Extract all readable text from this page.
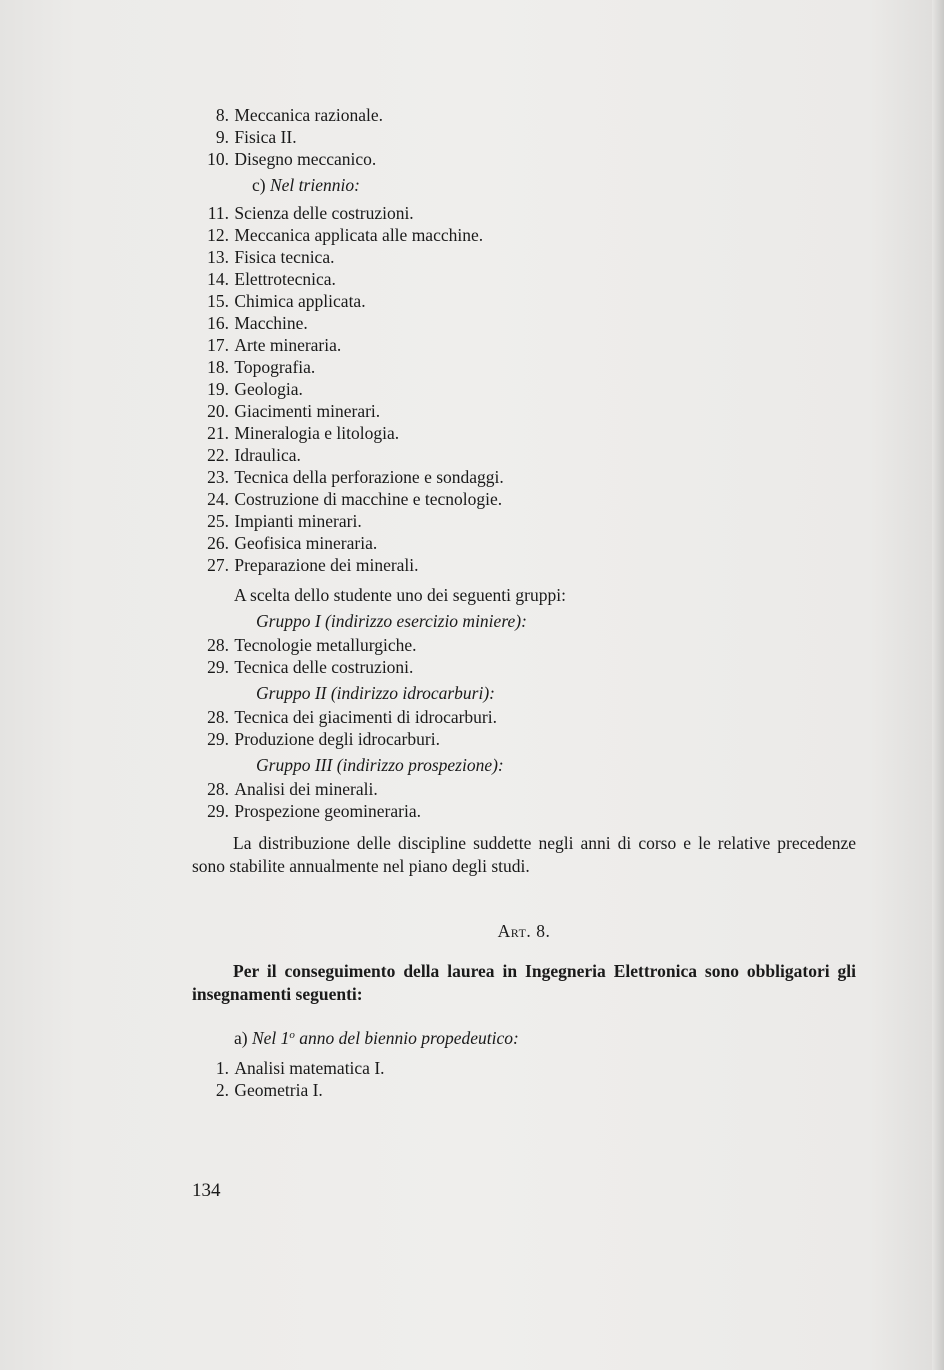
8.
Meccanica razionale.
9.
Fisica II.
10.
Disegno meccanico.
c) Nel triennio:
11.
Scienza delle costruzioni.
12.
Meccanica applicata alle macchine.
13.
Fisica tecnica.
14.
Elettrotecnica.
15.
Chimica applicata.
16.
Macchine.
17.
Arte mineraria.
18.
Topografia.
19.
Geologia.
20.
Giacimenti minerari.
21.
Mineralogia e litologia.
22.
Idraulica.
23.
Tecnica della perforazione e sondaggi.
24.
Costruzione di macchine e tecnologie.
25.
Impianti minerari.
26.
Geofisica mineraria.
27.
Preparazione dei minerali.
A scelta dello studente uno dei seguenti gruppi:
Gruppo I (indirizzo esercizio miniere):
28.
Tecnologie metallurgiche.
29.
Tecnica delle costruzioni.
Gruppo II (indirizzo idrocarburi):
28.
Tecnica dei giacimenti di idrocarburi.
29.
Produzione degli idrocarburi.
Gruppo III (indirizzo prospezione):
28.
Analisi dei minerali.
29.
Prospezione geomineraria.

La distribuzione delle discipline suddette negli anni di corso e le relative precedenze sono stabilite annualmente nel piano degli studi.

Art. 8.

Per il conseguimento della laurea in Ingegneria Elettronica sono obbligatori gli insegnamenti seguenti:

a) Nel 1$^o$ anno del biennio propedeutico:
1.
Analisi matematica I.
2.
Geometria I.
134
